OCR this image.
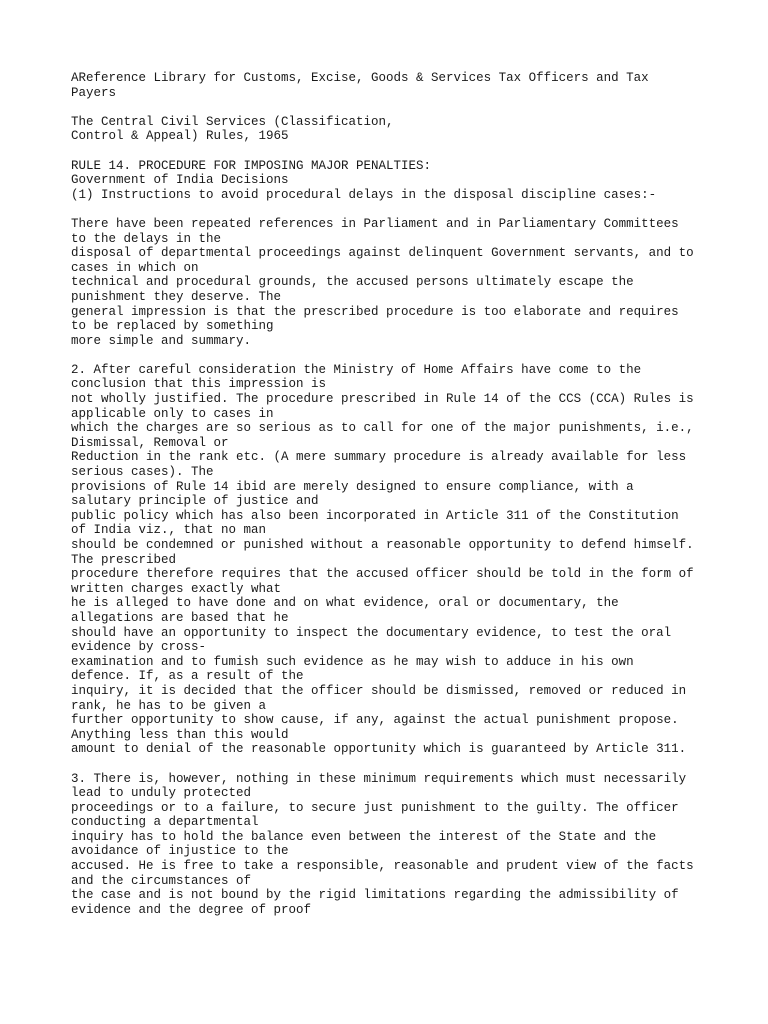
AReference Library for Customs, Excise, Goods & Services Tax Officers and Tax
Payers
The Central Civil Services (Classification,
Control & Appeal) Rules, 1965
RULE 14. PROCEDURE FOR IMPOSING MAJOR PENALTIES:
Government of India Decisions
(1) Instructions to avoid procedural delays in the disposal discipline cases:-
There have been repeated references in Parliament and in Parliamentary Committees
to the delays in the
disposal of departmental proceedings against delinquent Government servants, and to
cases in which on
technical and procedural grounds, the accused persons ultimately escape the
punishment they deserve. The
general impression is that the prescribed procedure is too elaborate and requires
to be replaced by something
more simple and summary.
2. After careful consideration the Ministry of Home Affairs have come to the
conclusion that this impression is
not wholly justified. The procedure prescribed in Rule 14 of the CCS (CCA) Rules is
applicable only to cases in
which the charges are so serious as to call for one of the major punishments, i.e.,
Dismissal, Removal or
Reduction in the rank etc. (A mere summary procedure is already available for less
serious cases). The
provisions of Rule 14 ibid are merely designed to ensure compliance, with a
salutary principle of justice and
public policy which has also been incorporated in Article 311 of the Constitution
of India viz., that no man
should be condemned or punished without a reasonable opportunity to defend himself.
The prescribed
procedure therefore requires that the accused officer should be told in the form of
written charges exactly what
he is alleged to have done and on what evidence, oral or documentary, the
allegations are based that he
should have an opportunity to inspect the documentary evidence, to test the oral
evidence by cross-
examination and to fumish such evidence as he may wish to adduce in his own
defence. If, as a result of the
inquiry, it is decided that the officer should be dismissed, removed or reduced in
rank, he has to be given a
further opportunity to show cause, if any, against the actual punishment propose.
Anything less than this would
amount to denial of the reasonable opportunity which is guaranteed by Article 311.
3. There is, however, nothing in these minimum requirements which must necessarily
lead to unduly protected
proceedings or to a failure, to secure just punishment to the guilty. The officer
conducting a departmental
inquiry has to hold the balance even between the interest of the State and the
avoidance of injustice to the
accused. He is free to take a responsible, reasonable and prudent view of the facts
and the circumstances of
the case and is not bound by the rigid limitations regarding the admissibility of
evidence and the degree of proof
